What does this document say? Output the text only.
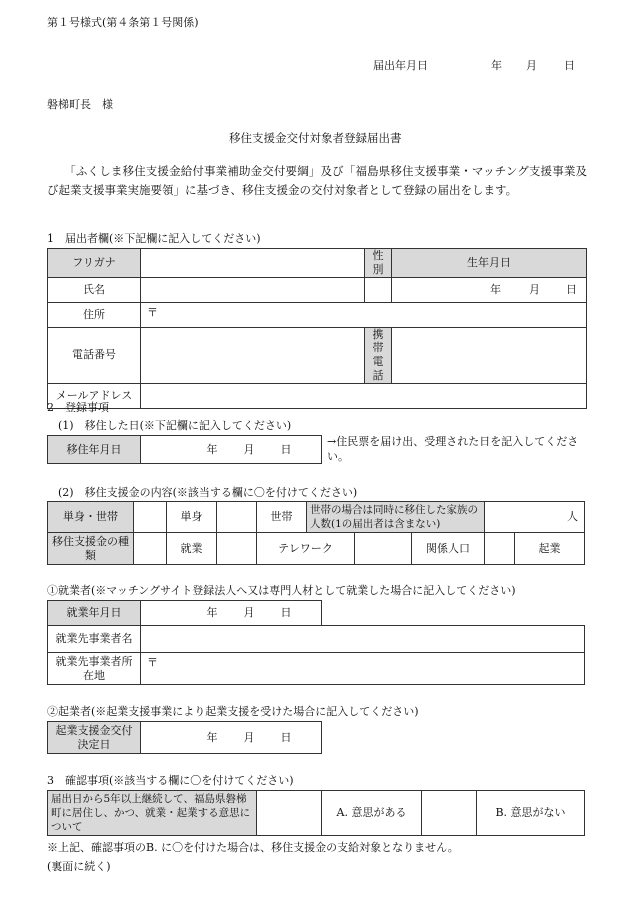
第１号様式(第４条第１号関係)
届出年月日	年 月 日
磐梯町長　様
移住支援金交付対象者登録届出書
「ふくしま移住支援金給付事業補助金交付要綱」及び「福島県移住支援事業・マッチング支援事業及び起業支援事業実施要領」に基づき、移住支援金の交付対象者として登録の届出をします。
1　届出者欄(※下記欄に記入してください)
フリガナ		性別	生年月日
氏名			年 月 日
住所	〒		
電話番号		携帯電話	
メールアドレス			
2　登録事項
(1)　移住した日(※下記欄に記入してください)
移住年月日	年 月 日
→住民票を届け出、受理された日を記入してください。
(2)　移住支援金の内容(※該当する欄に〇を付けてください)
単身・世帯		単身		世帯	世帯の場合は同時に移住した家族の人数(1の届出者は含まない)			人	
移住支援金の種類		就業		テレワーク			関係人口		起業
①就業者(※マッチングサイト登録法人へ又は専門人材として就業した場合に記入してください)
就業年月日	年 月 日	
就業先事業者名		
就業先事業者所在地	〒	
②起業者(※起業支援事業により起業支援を受けた場合に記入してください)
起業支援金交付決定日	年 月 日
3　確認事項(※該当する欄に〇を付けてください)
届出日から5年以上継続して、福島県磐梯町に居住し、かつ、就業・起業する意思について		A. 意思がある		B. 意思がない
※上記、確認事項のB. に〇を付けた場合は、移住支援金の支給対象となりません。
(裏面に続く)
